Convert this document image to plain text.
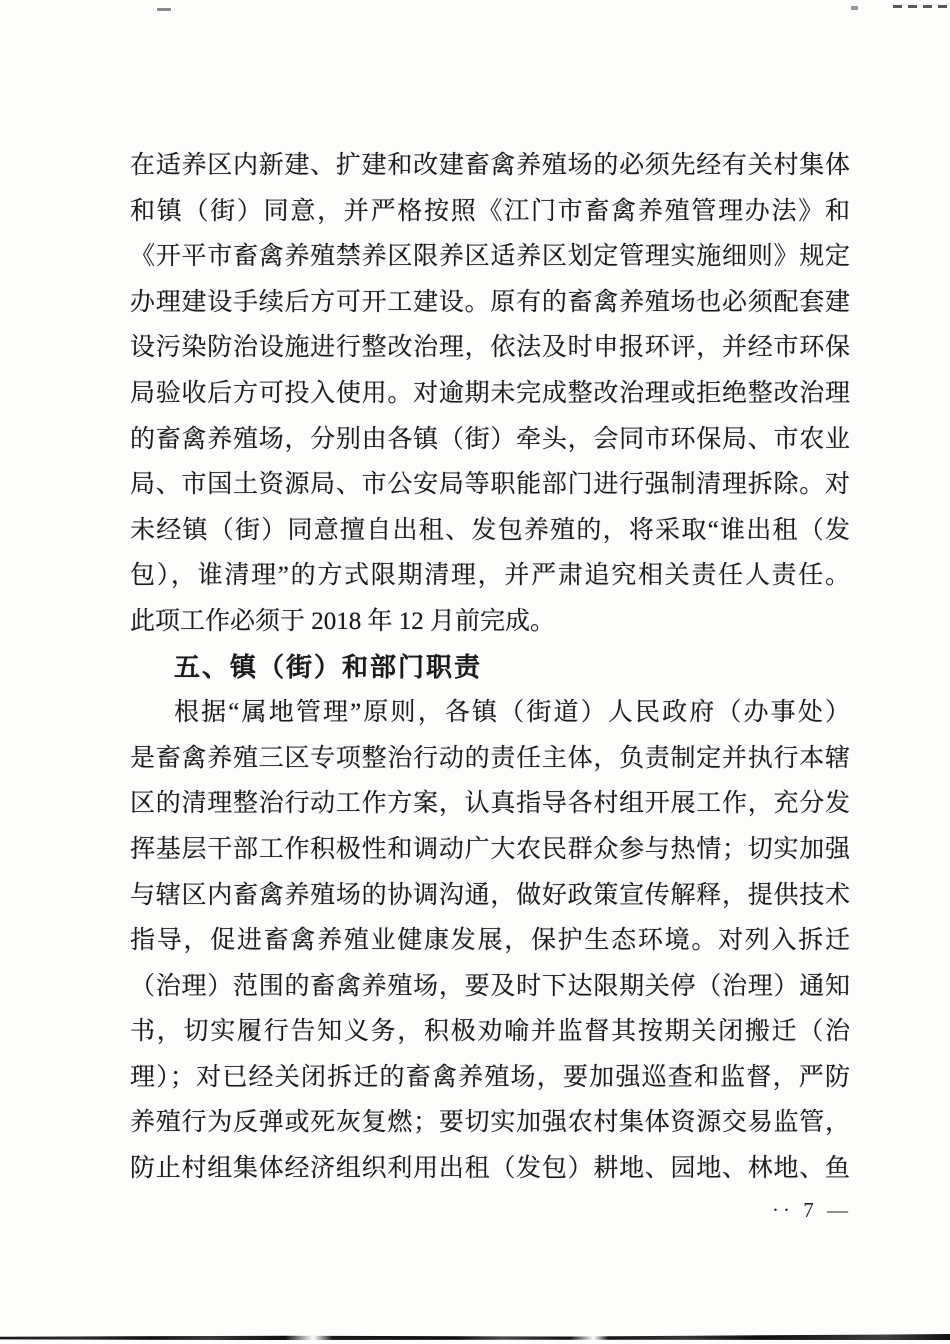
在适养区内新建、扩建和改建畜禽养殖场的必须先经有关村集体
和镇（街）同意，并严格按照《江门市畜禽养殖管理办法》和
《开平市畜禽养殖禁养区限养区适养区划定管理实施细则》规定
办理建设手续后方可开工建设。原有的畜禽养殖场也必须配套建
设污染防治设施进行整改治理，依法及时申报环评，并经市环保
局验收后方可投入使用。对逾期未完成整改治理或拒绝整改治理
的畜禽养殖场，分别由各镇（街）牵头，会同市环保局、市农业
局、市国土资源局、市公安局等职能部门进行强制清理拆除。对
未经镇（街）同意擅自出租、发包养殖的，将采取“谁出租（发
包），谁清理”的方式限期清理，并严肃追究相关责任人责任。
此项工作必须于 2018 年 12 月前完成。
五、镇（街）和部门职责
根据“属地管理”原则，各镇（街道）人民政府（办事处）
是畜禽养殖三区专项整治行动的责任主体，负责制定并执行本辖
区的清理整治行动工作方案，认真指导各村组开展工作，充分发
挥基层干部工作积极性和调动广大农民群众参与热情；切实加强
与辖区内畜禽养殖场的协调沟通，做好政策宣传解释，提供技术
指导，促进畜禽养殖业健康发展，保护生态环境。对列入拆迁
（治理）范围的畜禽养殖场，要及时下达限期关停（治理）通知
书，切实履行告知义务，积极劝喻并监督其按期关闭搬迁（治
理）；对已经关闭拆迁的畜禽养殖场，要加强巡查和监督，严防
养殖行为反弹或死灰复燃；要切实加强农村集体资源交易监管，
防止村组集体经济组织利用出租（发包）耕地、园地、林地、鱼
·· 7 —
